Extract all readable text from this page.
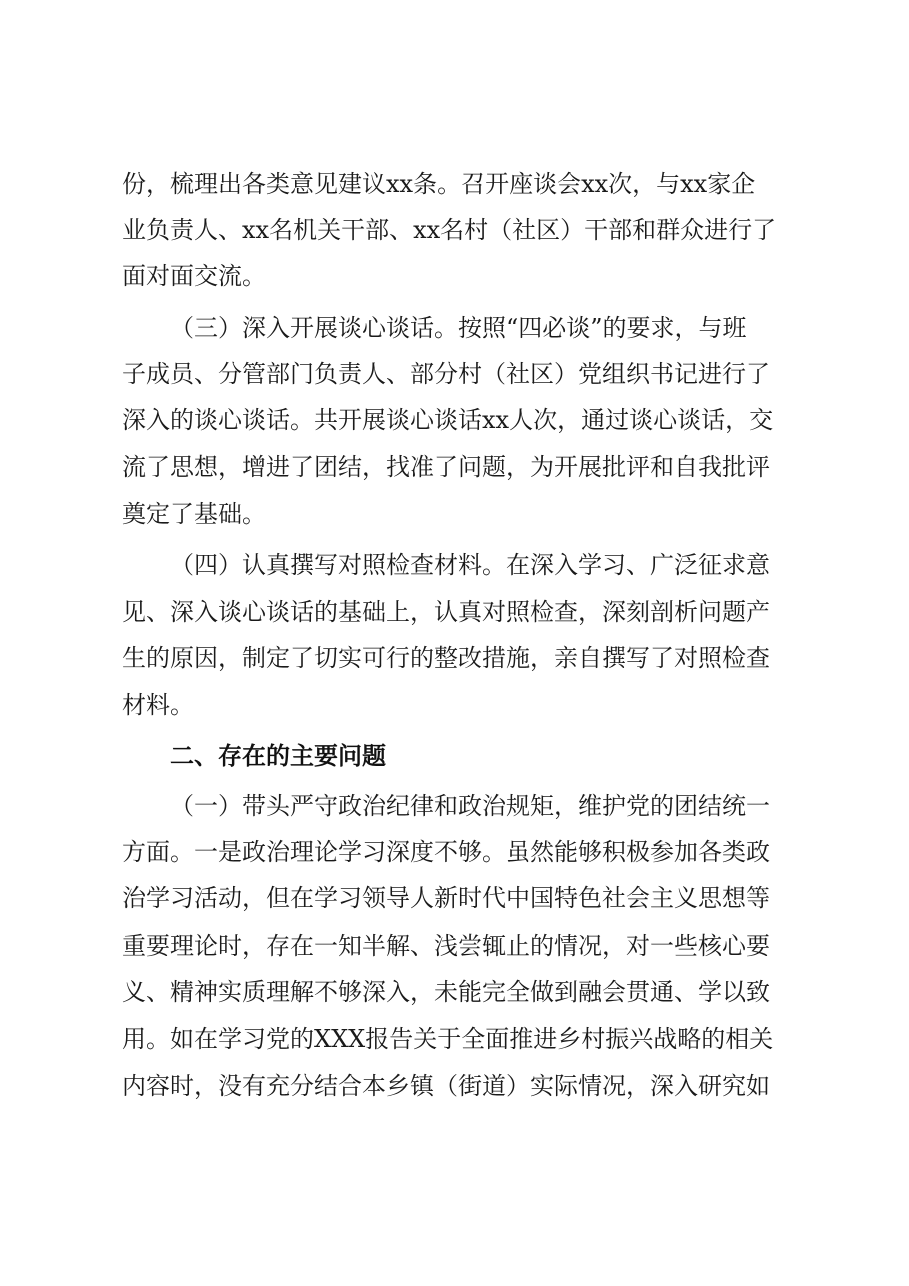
份，梳理出各类意见建议xx条。召开座谈会xx次，与xx家企
业负责人、xx名机关干部、xx名村（社区）干部和群众进行了
面对面交流。
（三）深入开展谈心谈话。按照“四必谈”的要求，与班
子成员、分管部门负责人、部分村（社区）党组织书记进行了
深入的谈心谈话。共开展谈心谈话xx人次，通过谈心谈话，交
流了思想，增进了团结，找准了问题，为开展批评和自我批评
奠定了基础。
（四）认真撰写对照检查材料。在深入学习、广泛征求意
见、深入谈心谈话的基础上，认真对照检查，深刻剖析问题产
生的原因，制定了切实可行的整改措施，亲自撰写了对照检查
材料。
二、存在的主要问题
（一）带头严守政治纪律和政治规矩，维护党的团结统一
方面。一是政治理论学习深度不够。虽然能够积极参加各类政
治学习活动，但在学习领导人新时代中国特色社会主义思想等
重要理论时，存在一知半解、浅尝辄止的情况，对一些核心要
义、精神实质理解不够深入，未能完全做到融会贯通、学以致
用。如在学习党的XXX报告关于全面推进乡村振兴战略的相关
内容时，没有充分结合本乡镇（街道）实际情况，深入研究如
